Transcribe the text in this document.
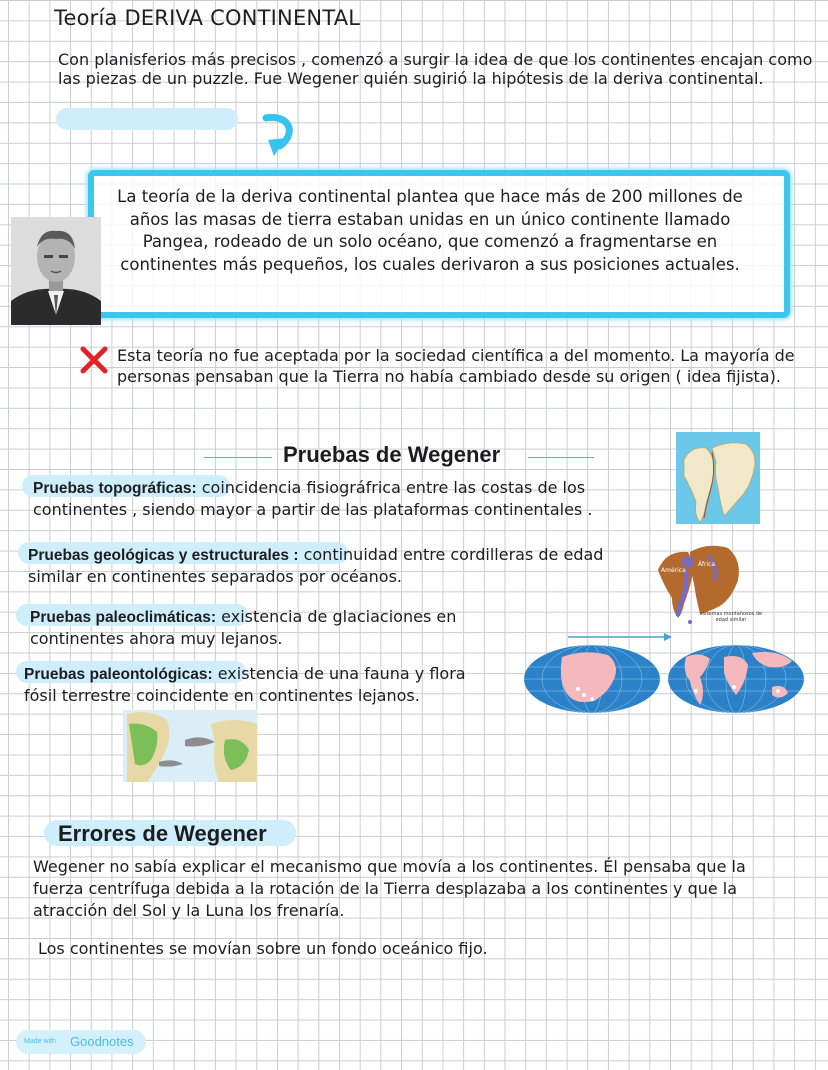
Teoría DERIVA CONTINENTAL
Con planisferios más precisos , comenzó a surgir la idea de que los continentes encajan como las piezas de un puzzle. Fue Wegener quién sugirió la hipótesis de la deriva continental.
La teoría de la deriva continental plantea que hace más de 200 millones de años las masas de tierra estaban unidas en un único continente llamado Pangea, rodeado de un solo océano, que comenzó a fragmentarse en continentes más pequeños, los cuales derivaron a sus posiciones actuales.
Esta teoría no fue aceptada por la sociedad científica a del momento. La mayoría de personas pensaban que la Tierra no había cambiado desde su origen ( idea fijista).
Pruebas de Wegener
Pruebas topográficas: coincidencia fisiográfrica entre las costas de los continentes , siendo mayor a partir de las plataformas continentales .
Pruebas geológicas y estructurales : continuidad entre cordilleras de edad similar en continentes separados por océanos.
Pruebas paleoclimáticas: existencia de glaciaciones en continentes ahora muy lejanos.
Pruebas paleontológicas: existencia de una fauna y flora fósil terrestre coincidente en continentes lejanos.
América
África
sistemas montañosos de edad similar
Errores de Wegener
Wegener no sabía explicar el mecanismo que movía a los continentes. Él pensaba que la fuerza centrífuga debida a la rotación de la Tierra desplazaba a los continentes y que la atracción del Sol y la Luna los frenaría.
Los continentes se movían sobre un fondo oceánico fijo.
Made with Goodnotes
